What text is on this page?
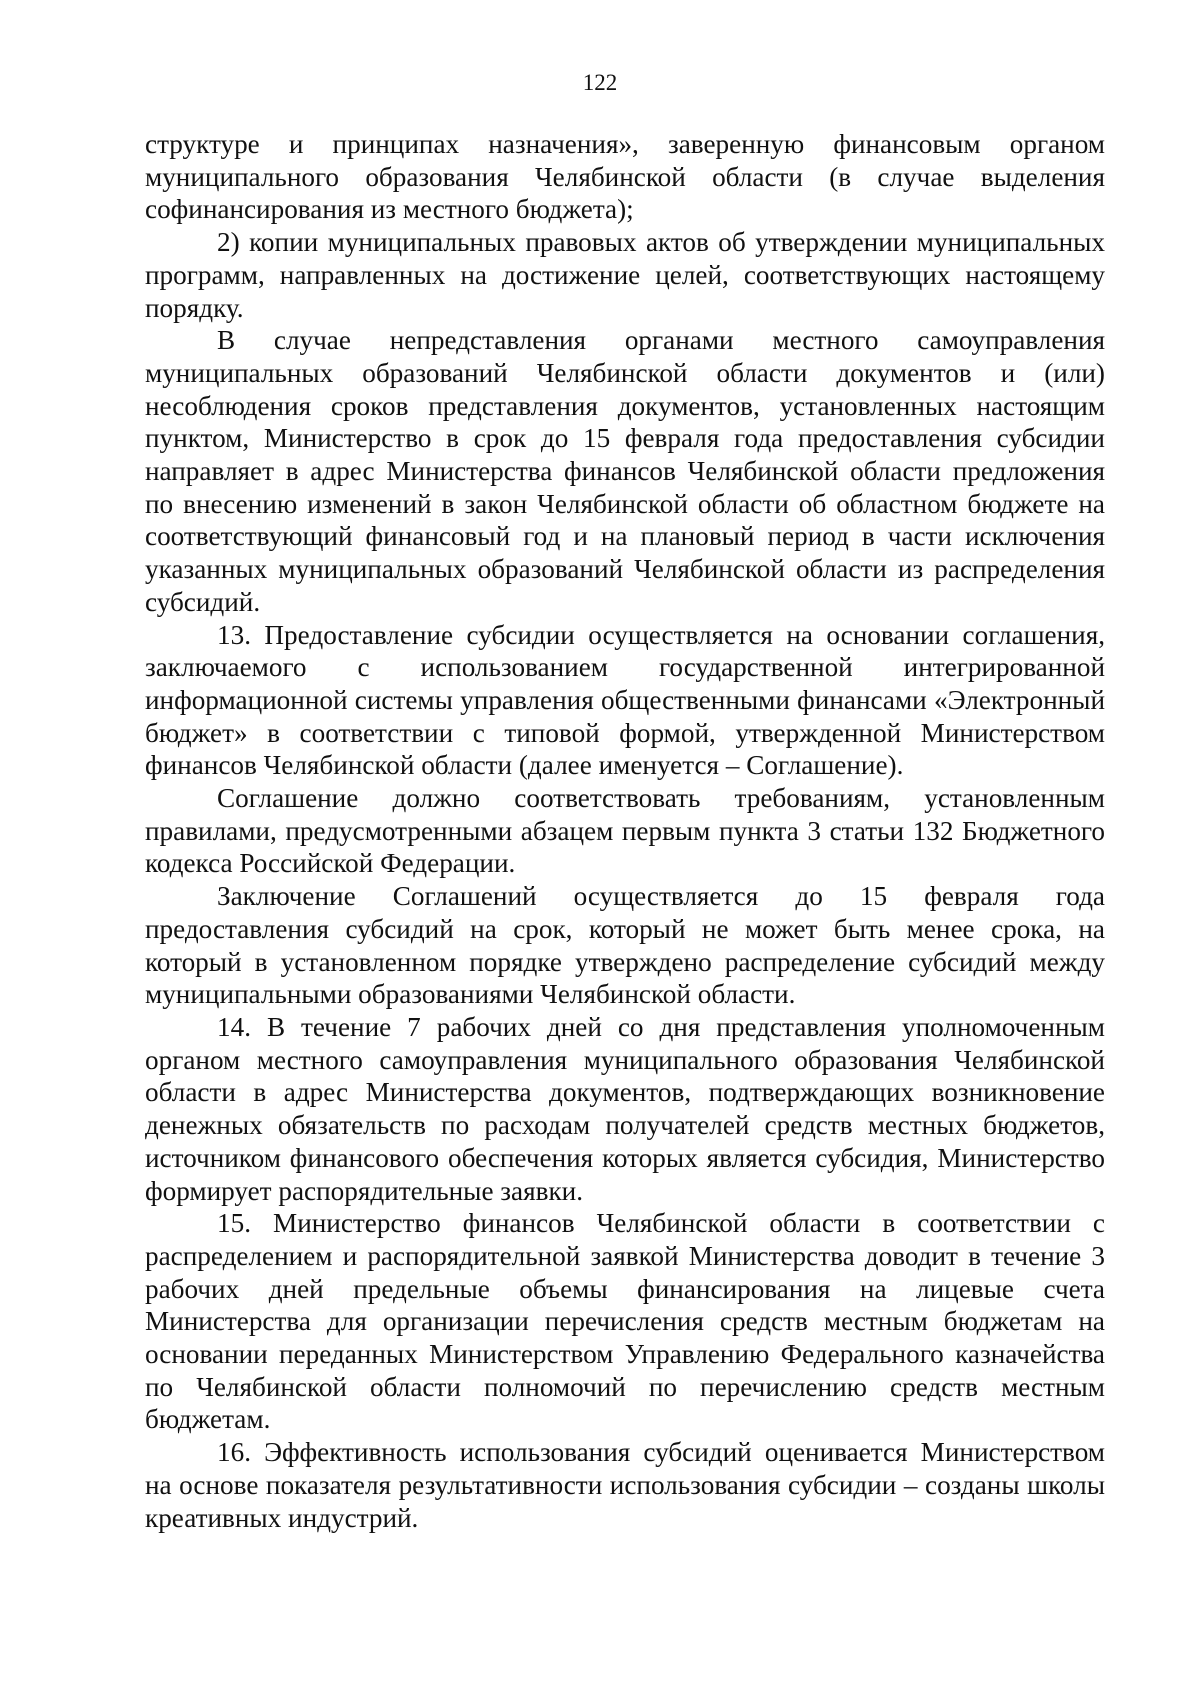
122

структуре и принципах назначения», заверенную финансовым органом муниципального образования Челябинской области (в случае выделения софинансирования из местного бюджета);

2) копии муниципальных правовых актов об утверждении муниципальных программ, направленных на достижение целей, соответствующих настоящему порядку.

В случае непредставления органами местного самоуправления муниципальных образований Челябинской области документов и (или) несоблюдения сроков представления документов, установленных настоящим пунктом, Министерство в срок до 15 февраля года предоставления субсидии направляет в адрес Министерства финансов Челябинской области предложения по внесению изменений в закон Челябинской области об областном бюджете на соответствующий финансовый год и на плановый период в части исключения указанных муниципальных образований Челябинской области из распределения субсидий.

13. Предоставление субсидии осуществляется на основании соглашения, заключаемого с использованием государственной интегрированной информационной системы управления общественными финансами «Электронный бюджет» в соответствии с типовой формой, утвержденной Министерством финансов Челябинской области (далее именуется – Соглашение).

Соглашение должно соответствовать требованиям, установленным правилами, предусмотренными абзацем первым пункта 3 статьи 132 Бюджетного кодекса Российской Федерации.

Заключение Соглашений осуществляется до 15 февраля года предоставления субсидий на срок, который не может быть менее срока, на который в установленном порядке утверждено распределение субсидий между муниципальными образованиями Челябинской области.

14. В течение 7 рабочих дней со дня представления уполномоченным органом местного самоуправления муниципального образования Челябинской области в адрес Министерства документов, подтверждающих возникновение денежных обязательств по расходам получателей средств местных бюджетов, источником финансового обеспечения которых является субсидия, Министерство формирует распорядительные заявки.

15. Министерство финансов Челябинской области в соответствии с распределением и распорядительной заявкой Министерства доводит в течение 3 рабочих дней предельные объемы финансирования на лицевые счета Министерства для организации перечисления средств местным бюджетам на основании переданных Министерством Управлению Федерального казначейства по Челябинской области полномочий по перечислению средств местным бюджетам.

16. Эффективность использования субсидий оценивается Министерством на основе показателя результативности использования субсидии – созданы школы креативных индустрий.
